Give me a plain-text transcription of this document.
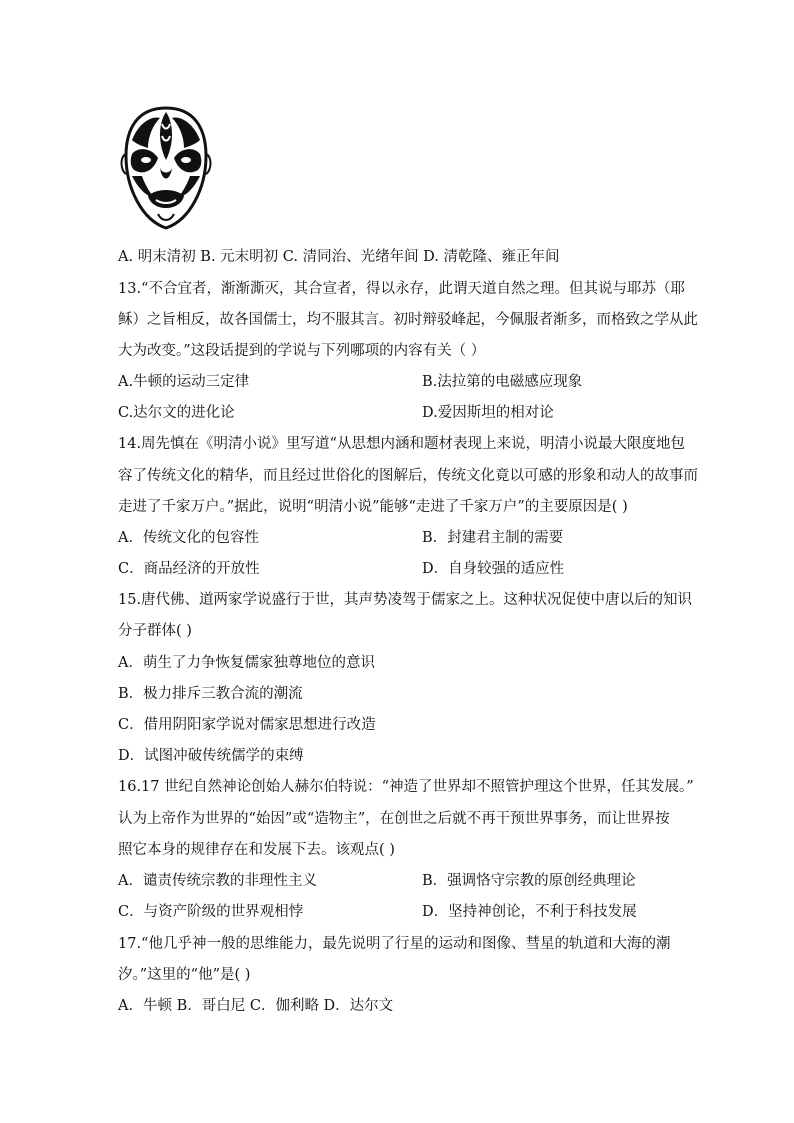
A. 明末清初 B. 元末明初 C. 清同治、光绪年间 D. 清乾隆、雍正年间
13.“不合宜者，渐渐澌灭，其合宣者，得以永存，此谓天道自然之理。但其说与耶苏（耶
稣）之旨相反，故各国儒士，均不服其言。初时辩驳峰起，今佩服者渐多，而格致之学从此
大为改变。”这段话提到的学说与下列哪项的内容有关（ ）
A.牛顿的运动三定律	B.法拉第的电磁感应现象
C.达尔文的进化论	D.爱因斯坦的相对论
14.周先慎在《明清小说》里写道“从思想内涵和题材表现上来说，明清小说最大限度地包
容了传统文化的精华，而且经过世俗化的图解后，传统文化竟以可感的形象和动人的故事而
走进了千家万户。”据此，说明“明清小说”能够“走进了千家万户”的主要原因是( )
A．传统文化的包容性	B．封建君主制的需要
C．商品经济的开放性	D．自身较强的适应性
15.唐代佛、道两家学说盛行于世，其声势凌驾于儒家之上。这种状况促使中唐以后的知识
分子群体( )
A．萌生了力争恢复儒家独尊地位的意识
B．极力排斥三教合流的潮流
C．借用阴阳家学说对儒家思想进行改造
D．试图冲破传统儒学的束缚
16.17 世纪自然神论创始人赫尔伯特说：“神造了世界却不照管护理这个世界，任其发展。”
认为上帝作为世界的“始因”或“造物主”，在创世之后就不再干预世界事务，而让世界按
照它本身的规律存在和发展下去。该观点( )
A．谴责传统宗教的非理性主义	B．强调恪守宗教的原创经典理论
C．与资产阶级的世界观相悖	D．坚持神创论，不利于科技发展
17.“他几乎神一般的思维能力，最先说明了行星的运动和图像、彗星的轨道和大海的潮
汐。”这里的“他”是( )
A．牛顿 B．哥白尼 C．伽利略 D．达尔文
